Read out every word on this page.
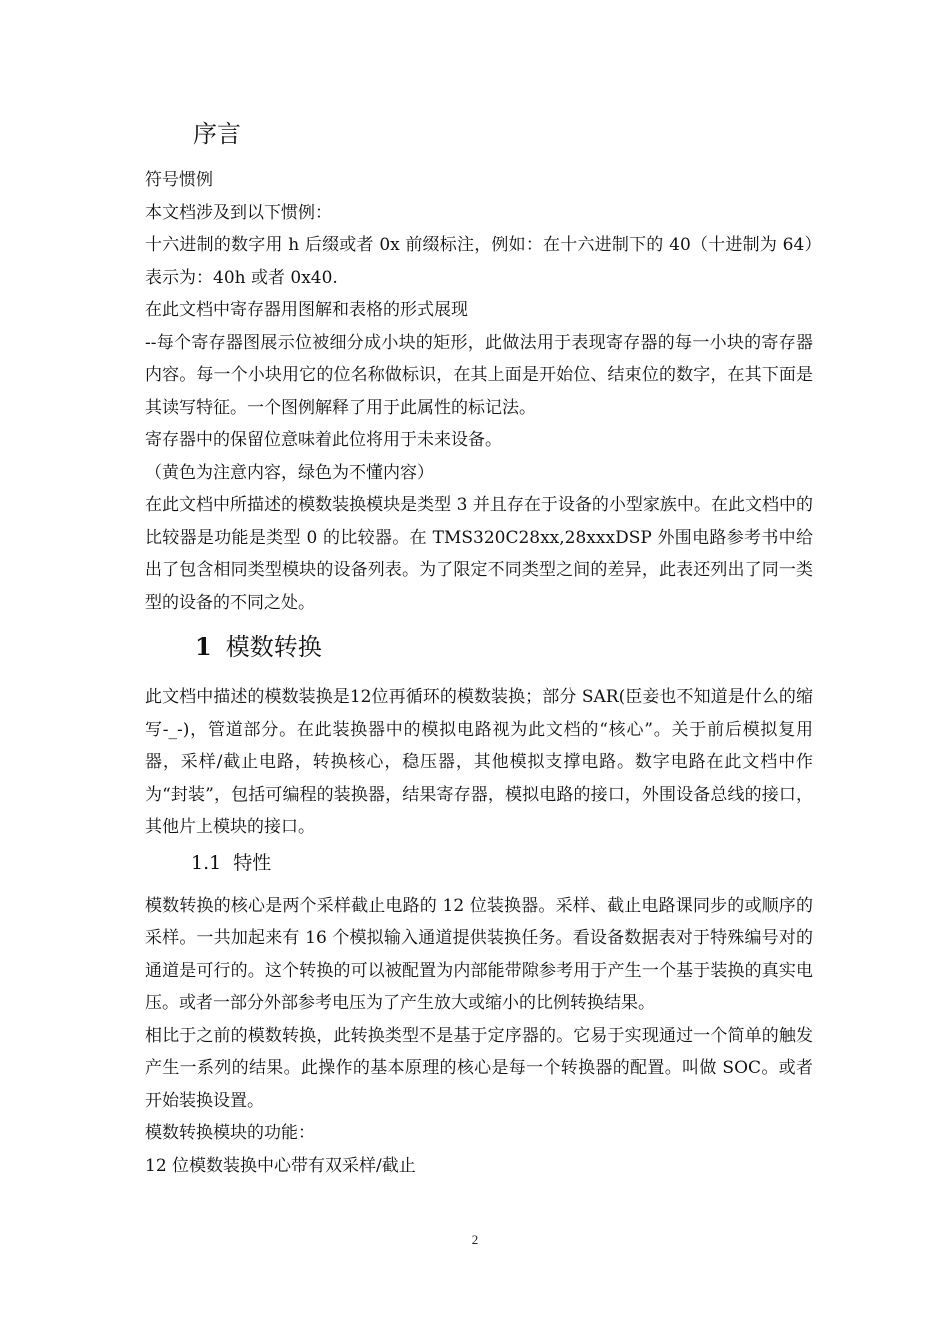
序言

符号惯例

本文档涉及到以下惯例：

十六进制的数字用 h 后缀或者 0x 前缀标注，例如：在十六进制下的 40（十进制为 64）表示为：40h 或者 0x40.

在此文档中寄存器用图解和表格的形式展现

--每个寄存器图展示位被细分成小块的矩形，此做法用于表现寄存器的每一小块的寄存器内容。每一个小块用它的位名称做标识，在其上面是开始位、结束位的数字，在其下面是其读写特征。一个图例解释了用于此属性的标记法。

寄存器中的保留位意味着此位将用于未来设备。

（黄色为注意内容，绿色为不懂内容）

在此文档中所描述的模数装换模块是类型 3 并且存在于设备的小型家族中。在此文档中的比较器是功能是类型 0 的比较器。在 TMS320C28xx,28xxxDSP 外围电路参考书中给出了包含相同类型模块的设备列表。为了限定不同类型之间的差异，此表还列出了同一类型的设备的不同之处。

1 模数转换

此文档中描述的模数装换是12位再循环的模数装换；部分 SAR(臣妾也不知道是什么的缩写-_-)，管道部分。在此装换器中的模拟电路视为此文档的“核心”。关于前后模拟复用器，采样/截止电路，转换核心，稳压器，其他模拟支撑电路。数字电路在此文档中作为“封装”，包括可编程的装换器，结果寄存器，模拟电路的接口，外围设备总线的接口，其他片上模块的接口。

1.1 特性

模数转换的核心是两个采样截止电路的 12 位装换器。采样、截止电路课同步的或顺序的采样。一共加起来有 16 个模拟输入通道提供装换任务。看设备数据表对于特殊编号对的通道是可行的。这个转换的可以被配置为内部能带隙参考用于产生一个基于装换的真实电压。或者一部分外部参考电压为了产生放大或缩小的比例转换结果。

相比于之前的模数转换，此转换类型不是基于定序器的。它易于实现通过一个简单的触发产生一系列的结果。此操作的基本原理的核心是每一个转换器的配置。叫做 SOC。或者开始装换设置。

模数转换模块的功能：

12 位模数装换中心带有双采样/截止

2
